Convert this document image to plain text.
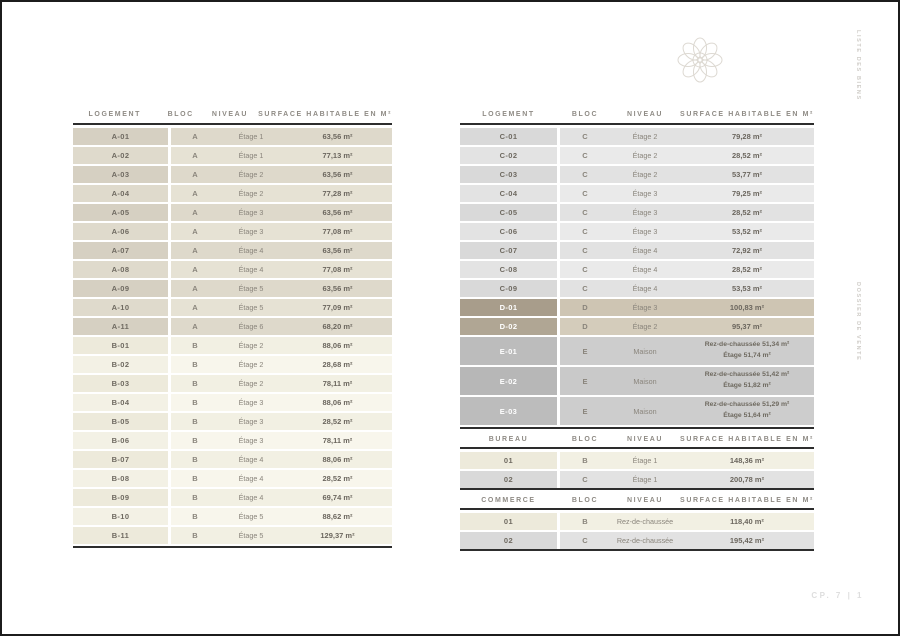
LISTE DES BIENS
DOSSIER DE VENTE
LOGEMENT	BLOC	NIVEAU	SURFACE HABITABLE EN M²
A-01	A	Étage 1	63,56 m²
A-02	A	Étage 1	77,13 m²
A-03	A	Étage 2	63,56 m²
A-04	A	Étage 2	77,28 m²
A-05	A	Étage 3	63,56 m²
A-06	A	Étage 3	77,08 m²
A-07	A	Étage 4	63,56 m²
A-08	A	Étage 4	77,08 m²
A-09	A	Étage 5	63,56 m²
A-10	A	Étage 5	77,09 m²
A-11	A	Étage 6	68,20 m²
B-01	B	Étage 2	88,06 m²
B-02	B	Étage 2	28,68 m²
B-03	B	Étage 2	78,11 m²
B-04	B	Étage 3	88,06 m²
B-05	B	Étage 3	28,52 m²
B-06	B	Étage 3	78,11 m²
B-07	B	Étage 4	88,06 m²
B-08	B	Étage 4	28,52 m²
B-09	B	Étage 4	69,74 m²
B-10	B	Étage 5	88,62 m²
B-11	B	Étage 5	129,37 m²
LOGEMENT	BLOC	NIVEAU	SURFACE HABITABLE EN M²
C-01	C	Étage 2	79,28 m²
C-02	C	Étage 2	28,52 m²
C-03	C	Étage 2	53,77 m²
C-04	C	Étage 3	79,25 m²
C-05	C	Étage 3	28,52 m²
C-06	C	Étage 3	53,52 m²
C-07	C	Étage 4	72,92 m²
C-08	C	Étage 4	28,52 m²
C-09	C	Étage 4	53,53 m²
D-01	D	Étage 3	100,83 m²
D-02	D	Étage 2	95,37 m²
E-01	E	Maison
Rez-de-chaussée 51,34 m²
Étage 51,74 m²
E-02	E	Maison
Rez-de-chaussée 51,42 m²
Étage 51,82 m²
E-03	E	Maison
Rez-de-chaussée 51,29 m²
Étage 51,64 m²
BUREAU	BLOC	NIVEAU	SURFACE HABITABLE EN M²
01	B	Étage 1	148,36 m²
02	C	Étage 1	200,78 m²
COMMERCE	BLOC	NIVEAU	SURFACE HABITABLE EN M²
01	B	Rez-de-chaussée	118,40 m²
02	C	Rez-de-chaussée	195,42 m²
CP. 7 | 1
